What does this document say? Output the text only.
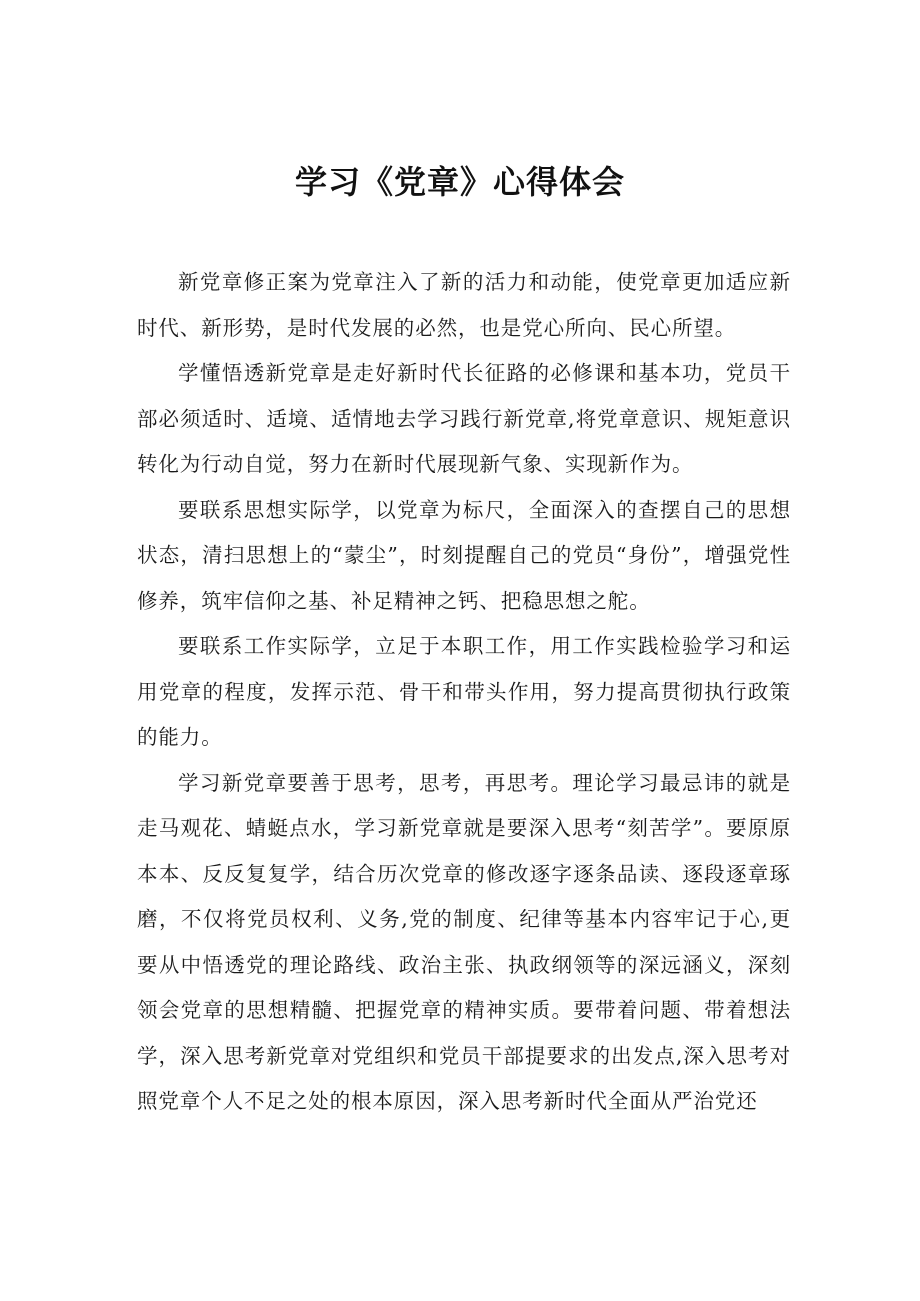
学习《党章》心得体会

新党章修正案为党章注入了新的活力和动能，使党章更加适应新时代、新形势，是时代发展的必然，也是党心所向、民心所望。

学懂悟透新党章是走好新时代长征路的必修课和基本功，党员干部必须适时、适境、适情地去学习践行新党章,将党章意识、规矩意识转化为行动自觉，努力在新时代展现新气象、实现新作为。

要联系思想实际学，以党章为标尺，全面深入的查摆自己的思想状态，清扫思想上的“蒙尘”，时刻提醒自己的党员“身份”，增强党性修养，筑牢信仰之基、补足精神之钙、把稳思想之舵。

要联系工作实际学，立足于本职工作，用工作实践检验学习和运用党章的程度，发挥示范、骨干和带头作用，努力提高贯彻执行政策的能力。

学习新党章要善于思考，思考，再思考。理论学习最忌讳的就是走马观花、蜻蜓点水，学习新党章就是要深入思考“刻苦学”。要原原本本、反反复复学，结合历次党章的修改逐字逐条品读、逐段逐章琢磨，不仅将党员权利、义务,党的制度、纪律等基本内容牢记于心,更要从中悟透党的理论路线、政治主张、执政纲领等的深远涵义，深刻领会党章的思想精髓、把握党章的精神实质。要带着问题、带着想法学，深入思考新党章对党组织和党员干部提要求的出发点,深入思考对照党章个人不足之处的根本原因，深入思考新时代全面从严治党还
